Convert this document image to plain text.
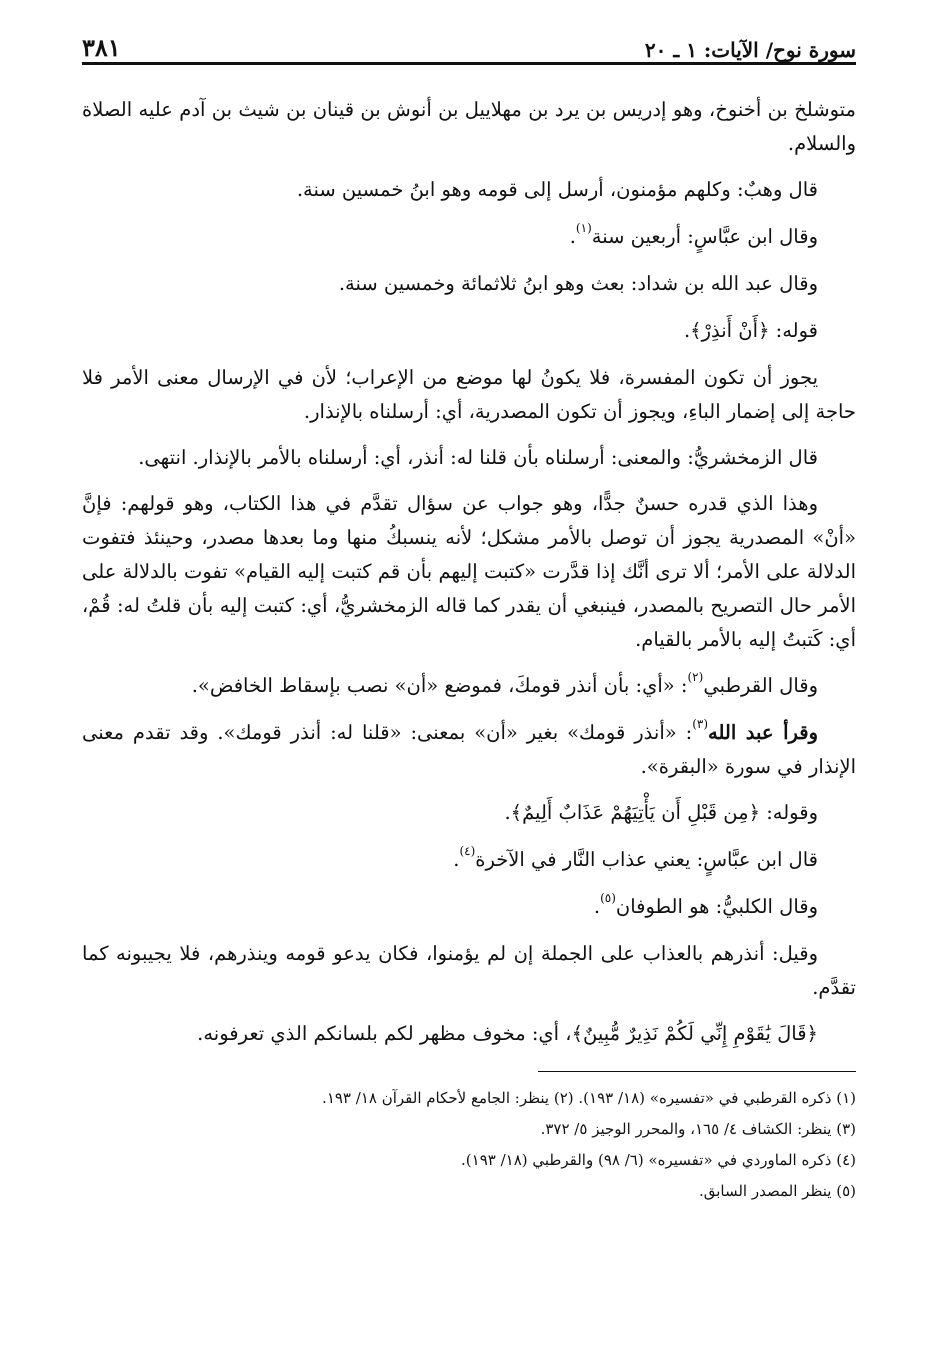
سورة نوح/ الآيات: ١ ـ ٢٠
٣٨١

متوشلخ بن أخنوخ، وهو إدريس بن يرد بن مهلاييل بن أنوش بن قينان بن شيث بن آدم عليه الصلاة والسلام.

قال وهبٌ: وكلهم مؤمنون، أرسل إلى قومه وهو ابنُ خمسين سنة.

وقال ابن عبَّاسٍ: أربعين سنة$^{(١)}$.

وقال عبد الله بن شداد: بعث وهو ابنُ ثلاثمائة وخمسين سنة.

قوله: ﴿أَنْ أَنذِرْ﴾.

يجوز أن تكون المفسرة، فلا يكونُ لها موضع من الإعراب؛ لأن في الإرسال معنى الأمر فلا حاجة إلى إضمار الباءِ، ويجوز أن تكون المصدرية، أي: أرسلناه بالإنذار.

قال الزمخشريُّ: والمعنى: أرسلناه بأن قلنا له: أنذر، أي: أرسلناه بالأمر بالإنذار. انتهى.

وهذا الذي قدره حسنٌ جدًّا، وهو جواب عن سؤال تقدَّم في هذا الكتاب، وهو قولهم: فإنَّ «أنْ» المصدرية يجوز أن توصل بالأمر مشكل؛ لأنه ينسبكُ منها وما بعدها مصدر، وحينئذ فتفوت الدلالة على الأمر؛ ألا ترى أنَّك إذا قدَّرت «كتبت إليهم بأن قم كتبت إليه القيام» تفوت بالدلالة على الأمر حال التصريح بالمصدر، فينبغي أن يقدر كما قاله الزمخشريُّ، أي: كتبت إليه بأن قلتُ له: قُمْ، أي: كَتبتُ إليه بالأمر بالقيام.

وقال القرطبي$^{(٢)}$: «أي: بأن أنذر قومكَ، فموضع «أن» نصب بإسقاط الخافض».

وقرأ عبد الله$^{(٣)}$: «أنذر قومك» بغير «أن» بمعنى: «قلنا له: أنذر قومك». وقد تقدم معنى الإنذار في سورة «البقرة».

وقوله: ﴿مِن قَبْلِ أَن يَأْتِيَهُمْ عَذَابٌ أَلِيمٌ﴾.

قال ابن عبَّاسٍ: يعني عذاب النَّار في الآخرة$^{(٤)}$.

وقال الكلبيُّ: هو الطوفان$^{(٥)}$.

وقيل: أنذرهم بالعذاب على الجملة إن لم يؤمنوا، فكان يدعو قومه وينذرهم، فلا يجيبونه كما تقدَّم.

﴿قَالَ يَٰقَوْمِ إِنِّي لَكُمْ نَذِيرٌ مُّبِينٌ﴾، أي: مخوف مظهر لكم بلسانكم الذي تعرفونه.

(١) ذكره القرطبي في «تفسيره» (١٨/ ١٩٣). (٢) ينظر: الجامع لأحكام القرآن ١٨/ ١٩٣.

(٣) ينظر: الكشاف ٤/ ١٦٥، والمحرر الوجيز ٥/ ٣٧٢.

(٤) ذكره الماوردي في «تفسيره» (٦/ ٩٨) والقرطبي (١٨/ ١٩٣).

(٥) ينظر المصدر السابق.
